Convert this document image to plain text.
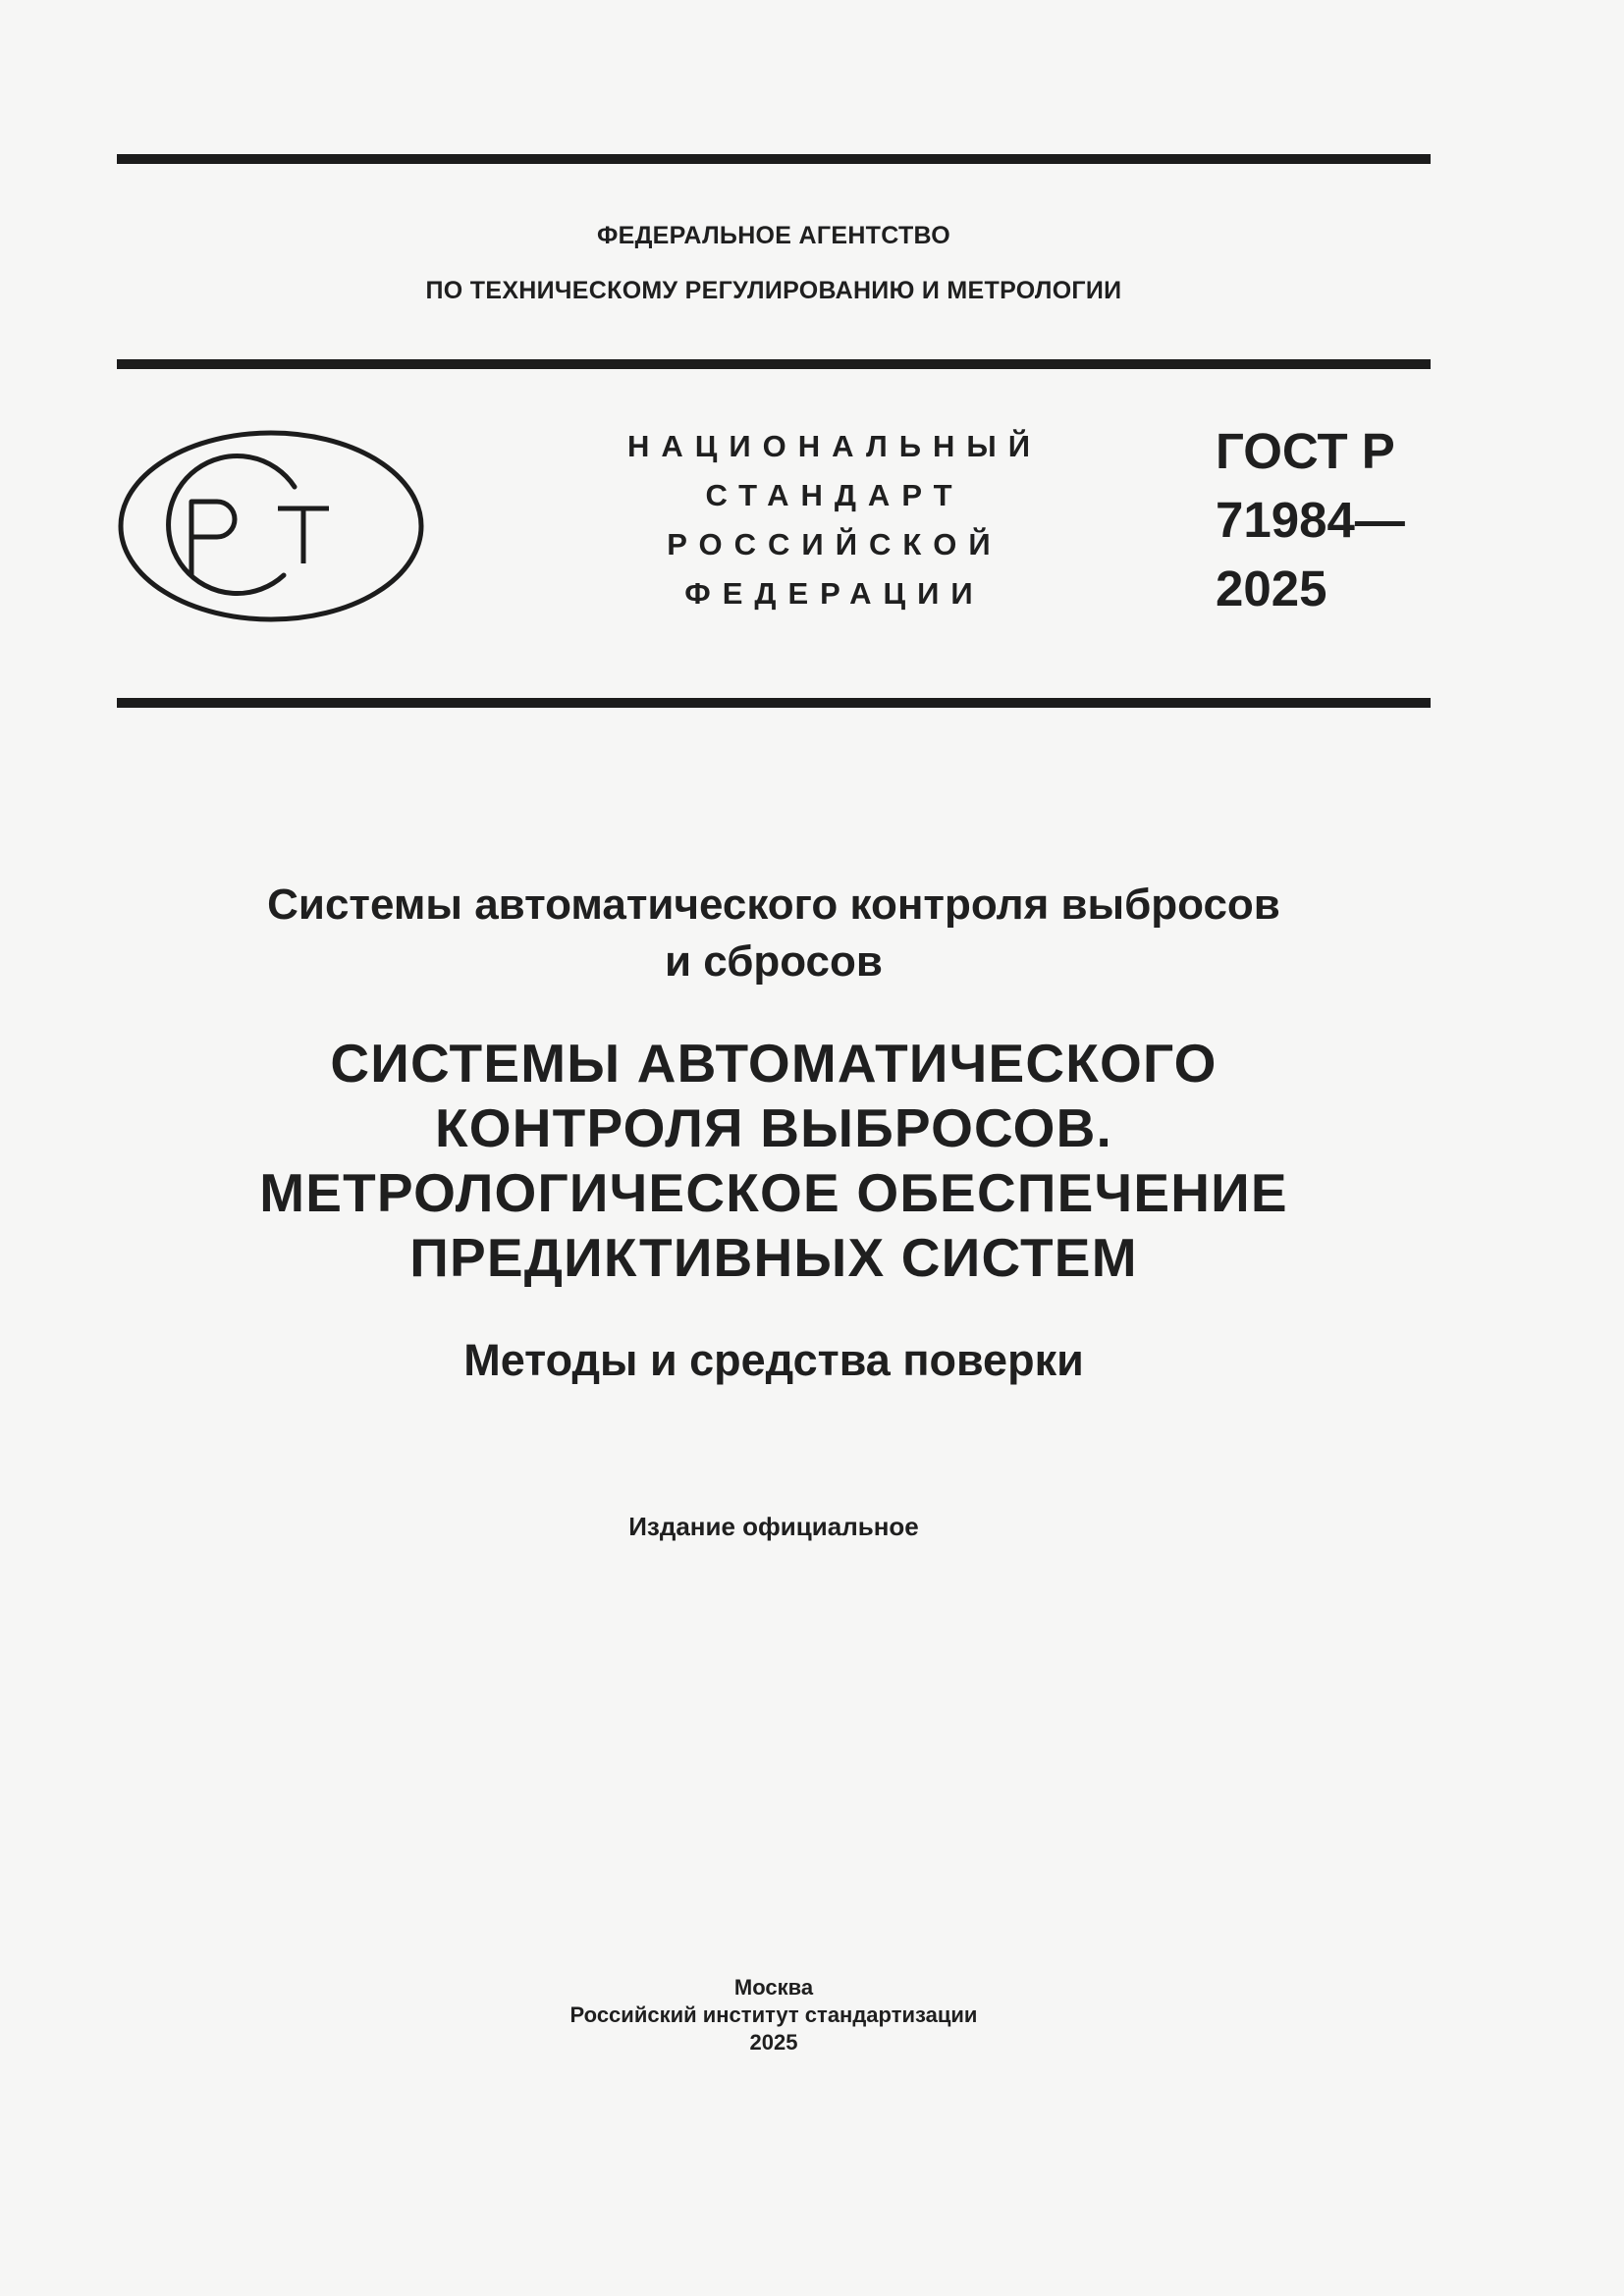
ФЕДЕРАЛЬНОЕ АГЕНТСТВО
ПО ТЕХНИЧЕСКОМУ РЕГУЛИРОВАНИЮ И МЕТРОЛОГИИ
НАЦИОНАЛЬНЫЙ
СТАНДАРТ
РОССИЙСКОЙ
ФЕДЕРАЦИИ
ГОСТ Р
71984—
2025
Системы автоматического контроля выбросов
и сбросов
СИСТЕМЫ АВТОМАТИЧЕСКОГО
КОНТРОЛЯ ВЫБРОСОВ.
МЕТРОЛОГИЧЕСКОЕ ОБЕСПЕЧЕНИЕ
ПРЕДИКТИВНЫХ СИСТЕМ
Методы и средства поверки
Издание официальное
Москва
Российский институт стандартизации
2025
